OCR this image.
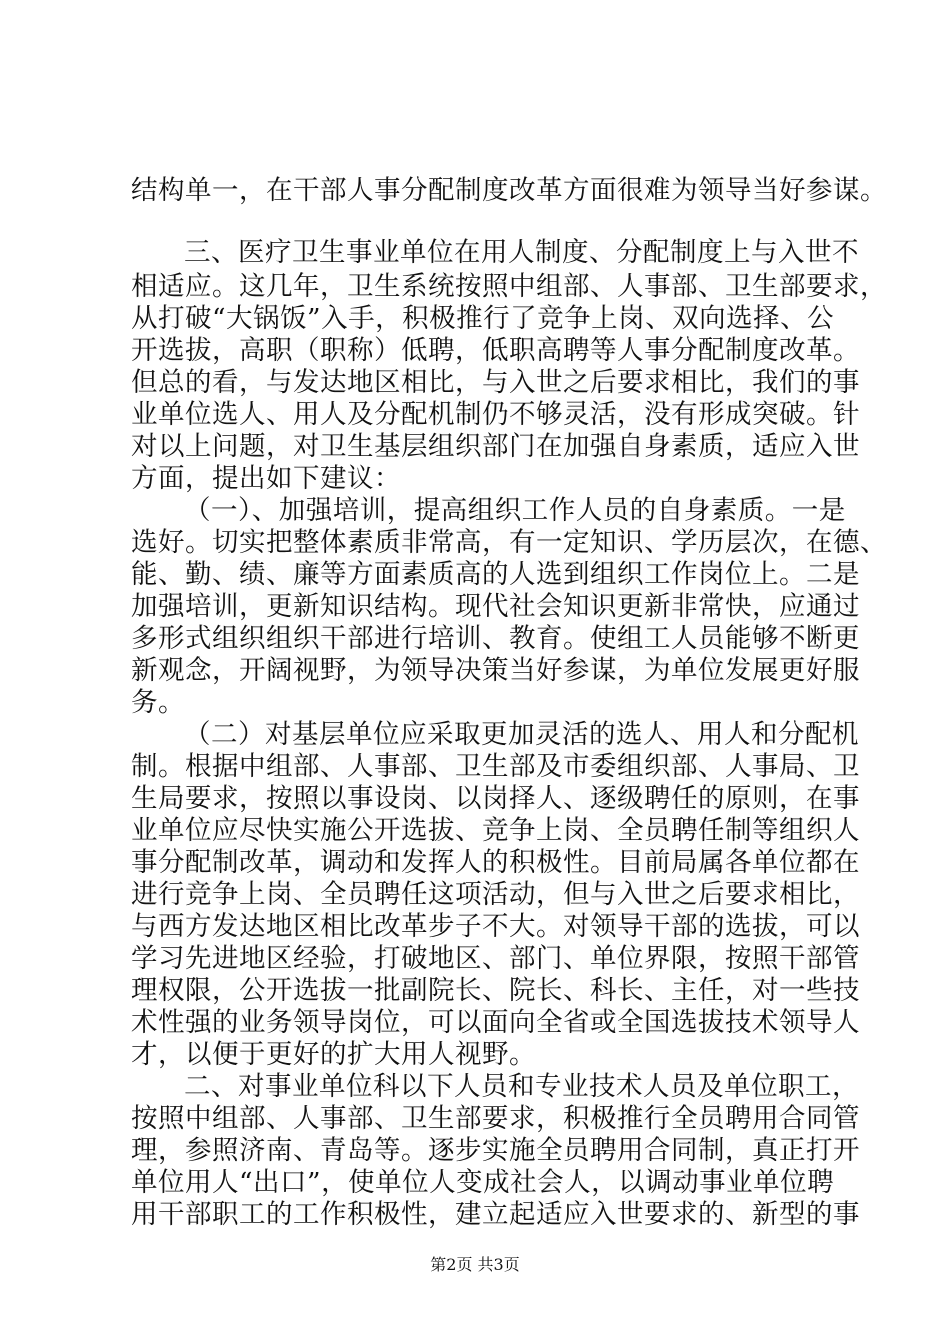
结构单一，在干部人事分配制度改革方面很难为领导当好参谋。
三、医疗卫生事业单位在用人制度、分配制度上与入世不
相适应。这几年，卫生系统按照中组部、人事部、卫生部要求，
从打破“大锅饭”入手，积极推行了竞争上岗、双向选择、公
开选拔，高职（职称）低聘，低职高聘等人事分配制度改革。
但总的看，与发达地区相比，与入世之后要求相比，我们的事
业单位选人、用人及分配机制仍不够灵活，没有形成突破。针
对以上问题，对卫生基层组织部门在加强自身素质，适应入世
方面，提出如下建议：
（一）、加强培训，提高组织工作人员的自身素质。一是
选好。切实把整体素质非常高，有一定知识、学历层次，在德、
能、勤、绩、廉等方面素质高的人选到组织工作岗位上。二是
加强培训，更新知识结构。现代社会知识更新非常快，应通过
多形式组织组织干部进行培训、教育。使组工人员能够不断更
新观念，开阔视野，为领导决策当好参谋，为单位发展更好服
务。
（二）对基层单位应采取更加灵活的选人、用人和分配机
制。根据中组部、人事部、卫生部及市委组织部、人事局、卫
生局要求，按照以事设岗、以岗择人、逐级聘任的原则，在事
业单位应尽快实施公开选拔、竞争上岗、全员聘任制等组织人
事分配制改革，调动和发挥人的积极性。目前局属各单位都在
进行竞争上岗、全员聘任这项活动，但与入世之后要求相比，
与西方发达地区相比改革步子不大。对领导干部的选拔，可以
学习先进地区经验，打破地区、部门、单位界限，按照干部管
理权限，公开选拔一批副院长、院长、科长、主任，对一些技
术性强的业务领导岗位，可以面向全省或全国选拔技术领导人
才，以便于更好的扩大用人视野。
二、对事业单位科以下人员和专业技术人员及单位职工，
按照中组部、人事部、卫生部要求，积极推行全员聘用合同管
理，参照济南、青岛等。逐步实施全员聘用合同制，真正打开
单位用人“出口”，使单位人变成社会人，以调动事业单位聘
用干部职工的工作积极性，建立起适应入世要求的、新型的事
第2页 共3页
